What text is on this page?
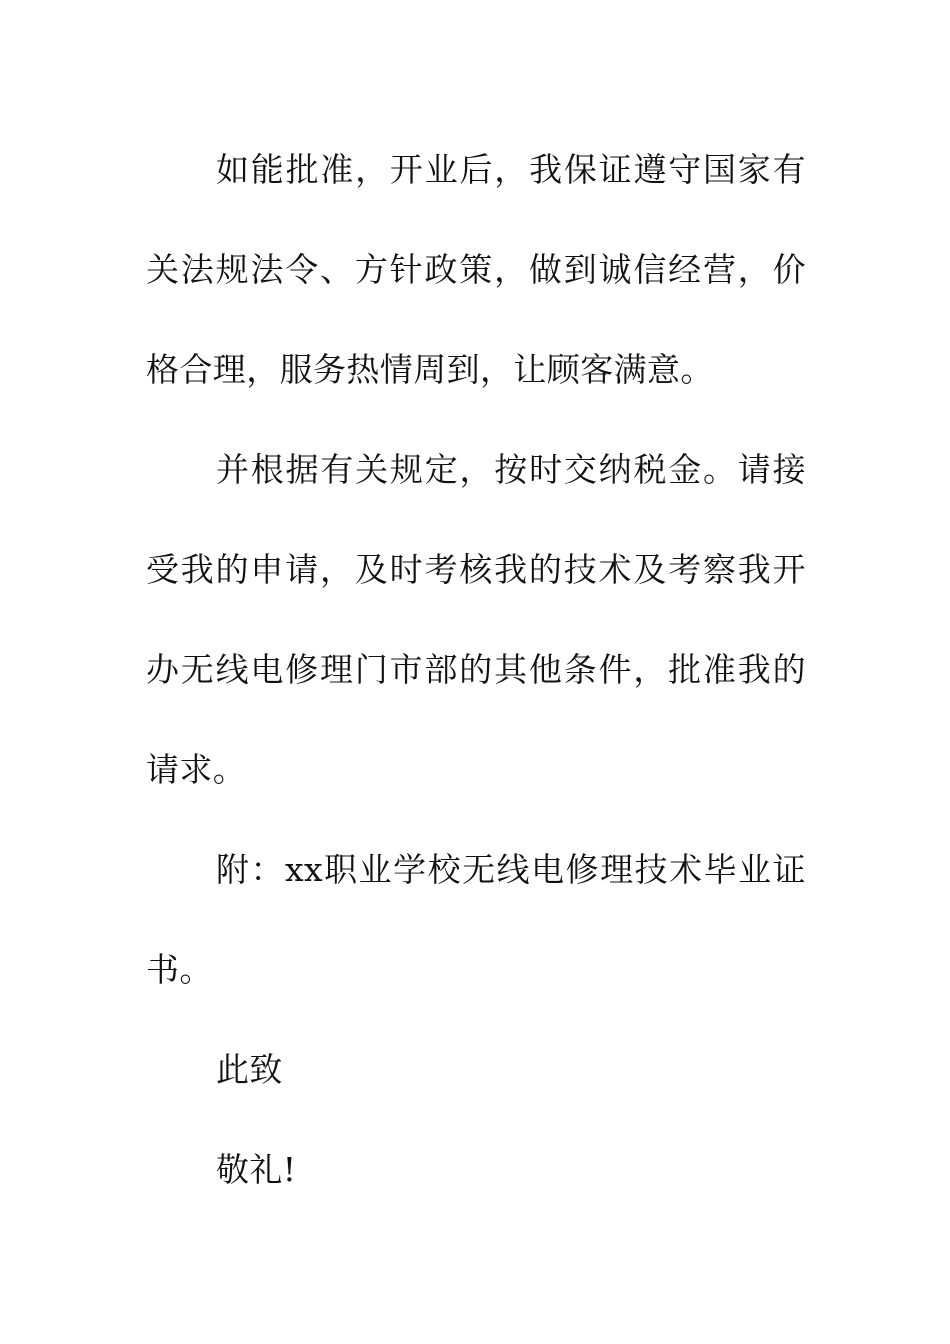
如能批准，开业后，我保证遵守国家有关法规法令、方针政策，做到诚信经营，价格合理，服务热情周到，让顾客满意。

并根据有关规定，按时交纳税金。请接受我的申请，及时考核我的技术及考察我开办无线电修理门市部的其他条件，批准我的请求。

附：xx职业学校无线电修理技术毕业证书。

此致

敬礼!
